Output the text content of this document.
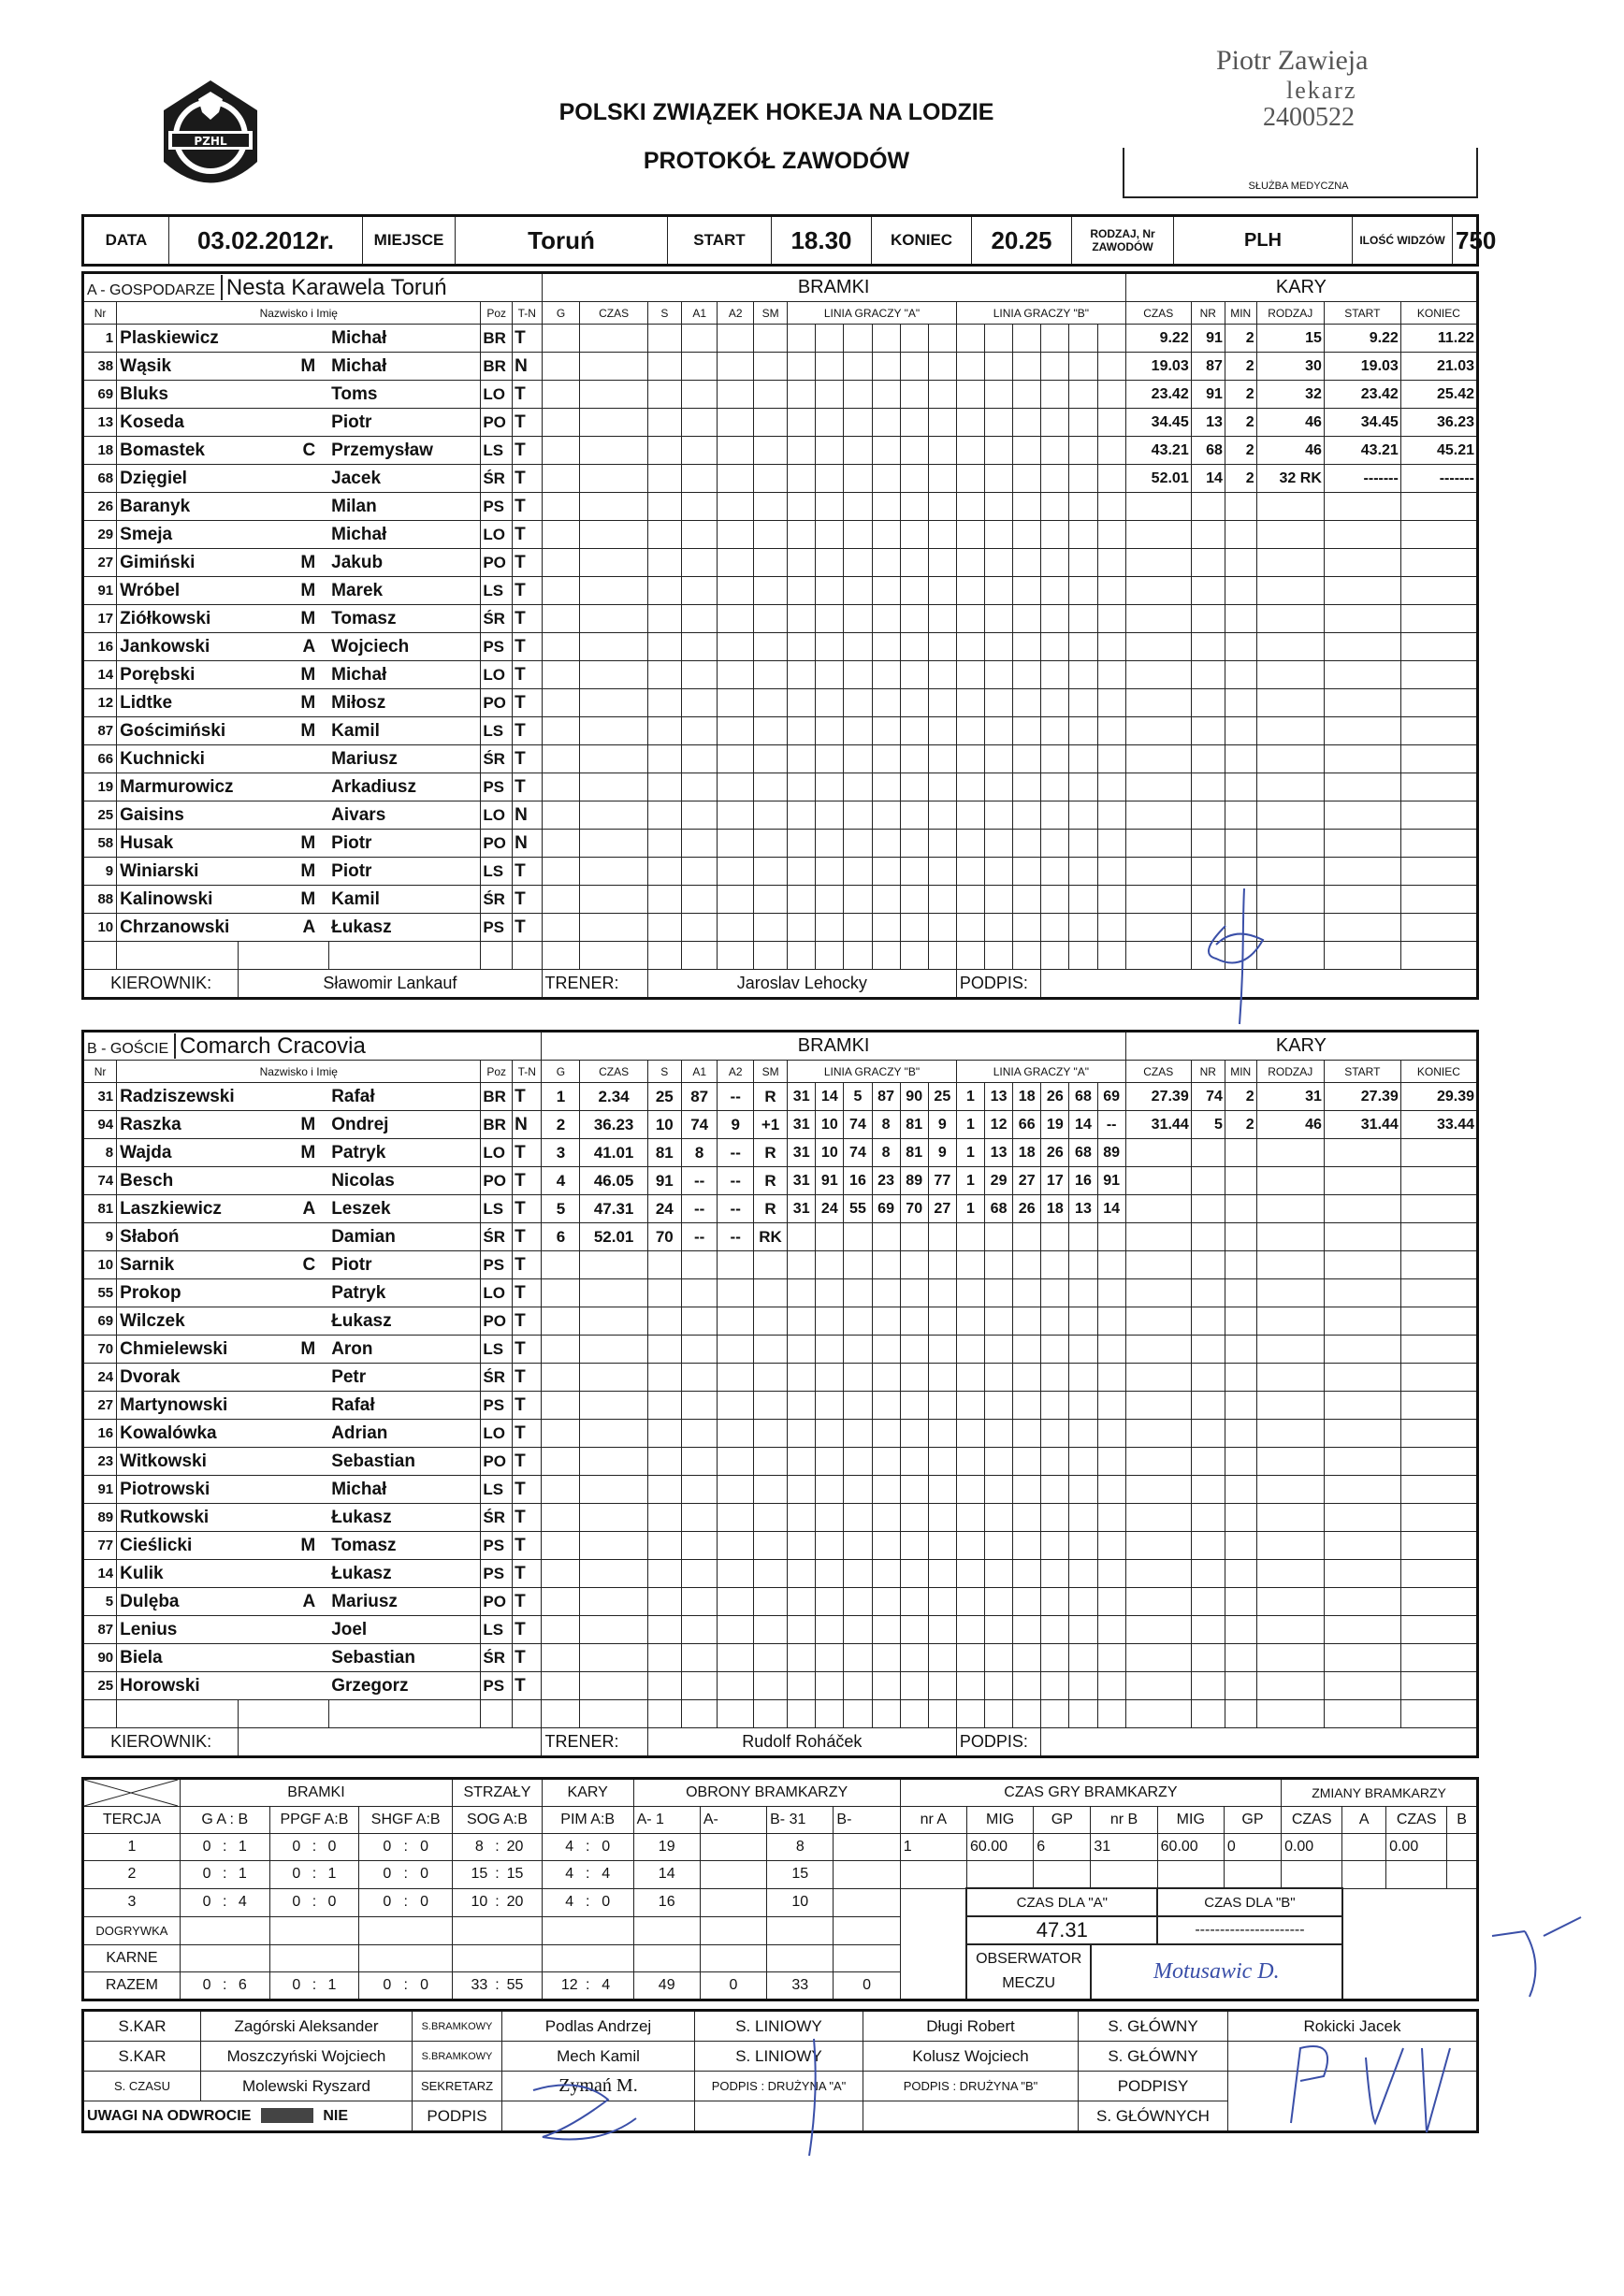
PZHL
POLSKI ZWIĄZEK HOKEJA NA LODZIE
PROTOKÓŁ ZAWODÓW
Piotr Zawieja
lekarz
2400522
SŁUŻBA MEDYCZNA
DATA	03.02.2012r.	MIEJSCE	Toruń	START	18.30	KONIEC	20.25	RODZAJ, Nr ZAWODÓW	PLH	ILOŚĆ WIDZÓW	750
A - GOSPODARZE Nesta Karawela Toruń						BRAMKI																		KARY					
Nr	Nazwisko i Imię			Poz	T-N	G	CZAS	S	A1	A2	SM	LINIA GRACZY "A"						LINIA GRACZY "B"						CZAS	NR	MIN	RODZAJ	START	KONIEC
1	Plaskiewicz		Michał	BR	T																			9.22	91	2	15	9.22	11.22
38	Wąsik	M	Michał	BR	N																			19.03	87	2	30	19.03	21.03
69	Bluks		Toms	LO	T																			23.42	91	2	32	23.42	25.42
13	Koseda		Piotr	PO	T																			34.45	13	2	46	34.45	36.23
18	Bomastek	C	Przemysław	LS	T																			43.21	68	2	46	43.21	45.21
68	Dzięgiel		Jacek	ŚR	T																			52.01	14	2	32 RK	-------	-------
26	Baranyk		Milan	PS	T																								
29	Smeja		Michał	LO	T																								
27	Gimiński	M	Jakub	PO	T																								
91	Wróbel	M	Marek	LS	T																								
17	Ziółkowski	M	Tomasz	ŚR	T																								
16	Jankowski	A	Wojciech	PS	T																								
14	Porębski	M	Michał	LO	T																								
12	Lidtke	M	Miłosz	PO	T																								
87	Gościmiński	M	Kamil	LS	T																								
66	Kuchnicki		Mariusz	ŚR	T																								
19	Marmurowicz		Arkadiusz	PS	T																								
25	Gaisins		Aivars	LO	N																								
58	Husak	M	Piotr	PO	N																								
9	Winiarski	M	Piotr	LS	T																								
88	Kalinowski	M	Kamil	ŚR	T																								
10	Chrzanowski	A	Łukasz	PS	T																								

KIEROWNIK:		Sławomir Lankauf				TRENER:		Jaroslav Lehocky										PODPIS:											
B - GOŚCIE Comarch Cracovia						BRAMKI																		KARY					
Nr	Nazwisko i Imię			Poz	T-N	G	CZAS	S	A1	A2	SM	LINIA GRACZY "B"						LINIA GRACZY "A"						CZAS	NR	MIN	RODZAJ	START	KONIEC
31	Radziszewski		Rafał	BR	T	1	2.34	25	87	--	R	31	14	5	87	90	25	1	13	18	26	68	69	27.39	74	2	31	27.39	29.39
94	Raszka	M	Ondrej	BR	N	2	36.23	10	74	9	+1	31	10	74	8	81	9	1	12	66	19	14	--	31.44	5	2	46	31.44	33.44
8	Wajda	M	Patryk	LO	T	3	41.01	81	8	--	R	31	10	74	8	81	9	1	13	18	26	68	89						
74	Besch		Nicolas	PO	T	4	46.05	91	--	--	R	31	91	16	23	89	77	1	29	27	17	16	91						
81	Laszkiewicz	A	Leszek	LS	T	5	47.31	24	--	--	R	31	24	55	69	70	27	1	68	26	18	13	14						
9	Słaboń		Damian	ŚR	T	6	52.01	70	--	--	RK																		
10	Sarnik	C	Piotr	PS	T																								
55	Prokop		Patryk	LO	T																								
69	Wilczek		Łukasz	PO	T																								
70	Chmielewski	M	Aron	LS	T																								
24	Dvorak		Petr	ŚR	T																								
27	Martynowski		Rafał	PS	T																								
16	Kowalówka		Adrian	LO	T																								
23	Witkowski		Sebastian	PO	T																								
91	Piotrowski		Michał	LS	T																								
89	Rutkowski		Łukasz	ŚR	T																								
77	Cieślicki	M	Tomasz	PS	T																								
14	Kulik		Łukasz	PS	T																								
5	Dulęba	A	Mariusz	PO	T																								
87	Lenius		Joel	LS	T																								
90	Biela		Sebastian	ŚR	T																								
25	Horowski		Grzegorz	PS	T																								

KIEROWNIK:						TRENER:		Rudolf Roháček										PODPIS:											
	BRAMKI			STRZAŁY	KARY	OBRONY BRAMKARZY				CZAS GRY BRAMKARZY						ZMIANY BRAMKARZY			
TERCJA	G A : B	PPGF A:B	SHGF A:B	SOG A:B	PIM A:B	A- 1	A-	B- 31	B-	nr A	MIG	GP	nr B	MIG	GP	CZAS	A	CZAS	B
1	0 : 1	0 : 0	0 : 0	8 : 20	4 : 0	19		8		1	60.00	6	31	60.00	0	0.00		0.00	
2	0 : 1	0 : 1	0 : 0	15 : 15	4 : 4	14		15											
3	0 : 4	0 : 0	0 : 0	10 : 20	4 : 0	16		10			CZAS DLA "A"			CZAS DLA "B"					
DOGRYWKA											47.31			----------------------					
KARNE											OBSERWATOR MECZU		Motusawic D.						
RAZEM	0 : 6	0 : 1	0 : 0	33 : 55	12 : 4	49	0	33	0										
S.KAR	Zagórski Aleksander	S.BRAMKOWY	Podlas Andrzej	S. LINIOWY	Długi Robert	S. GŁÓWNY	Rokicki Jacek
S.KAR	Moszczyński Wojciech	S.BRAMKOWY	Mech Kamil	S. LINIOWY	Kolusz Wojciech	S. GŁÓWNY	
S. CZASU	Molewski Ryszard	SEKRETARZ	Zymań M.	PODPIS : DRUŻYNA "A"	PODPIS : DRUŻYNA "B"	PODPISY	
UWAGI NA ODWROCIE NIE		PODPIS				S. GŁÓWNYCH	
